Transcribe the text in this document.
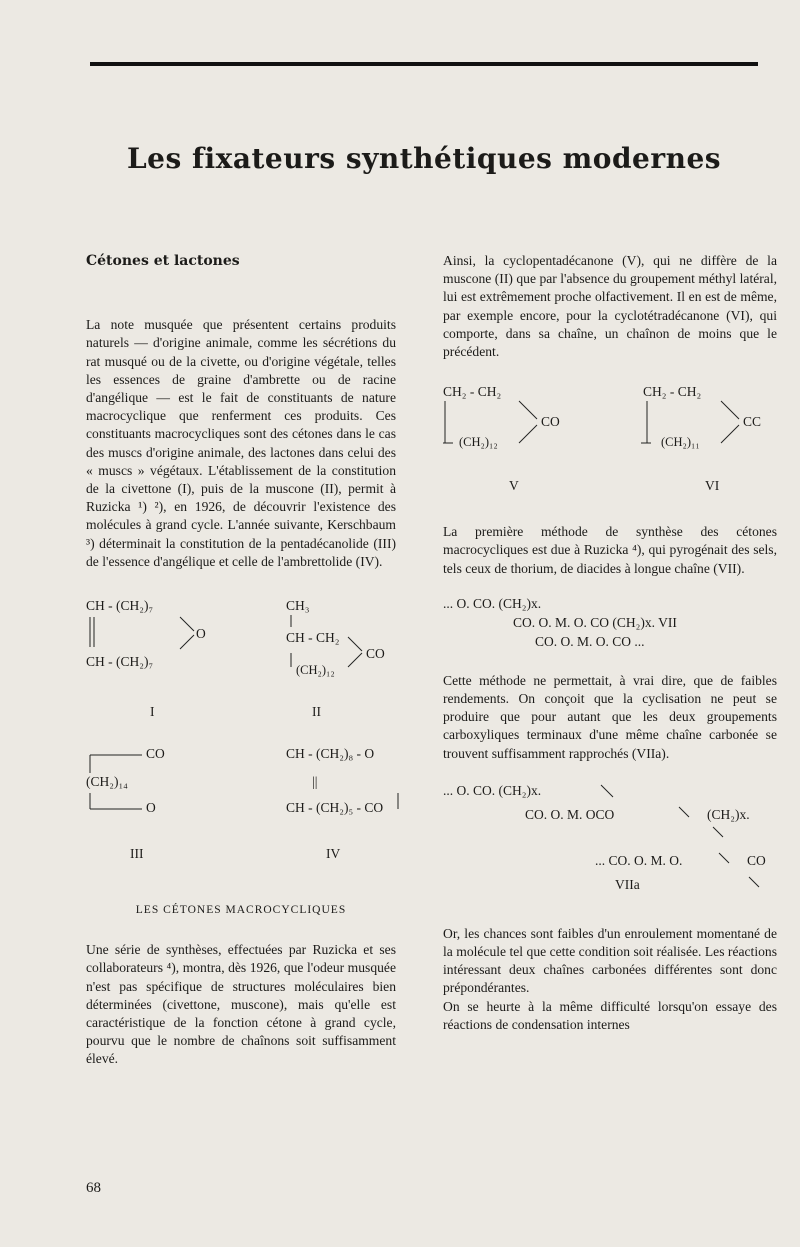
Les fixateurs synthétiques modernes

Cétones et lactones

La note musquée que présentent certains produits naturels — d'origine animale, comme les sécrétions du rat musqué ou de la civette, ou d'origine végétale, telles les essences de graine d'ambrette ou de racine d'angélique — est le fait de constituants de nature macrocyclique que renferment ces produits. Ces constituants macrocycliques sont des cétones dans le cas des muscs d'origine animale, des lactones dans celui des « muscs » végétaux. L'établissement de la constitution de la civettone (I), puis de la muscone (II), permit à Ruzicka ¹) ²), en 1926, de découvrir l'existence des molécules à grand cycle. L'année suivante, Kerschbaum ³) déterminait la constitution de la pentadécanolide (III) de l'essence d'angélique et celle de l'ambrettolide (IV).

CH - (CH₂)₇
O
CH - (CH₂)₇
I
CH₃
CH - CH₂
(CH₂)₁₂
CO
II
CO
(CH₂)₁₄
O
III
CH - (CH₂)₈ - O
||
CH - (CH₂)₅ - CO
IV

LES CÉTONES MACROCYCLIQUES

Une série de synthèses, effectuées par Ruzicka et ses collaborateurs ⁴), montra, dès 1926, que l'odeur musquée n'est pas spécifique de structures moléculaires bien déterminées (civettone, muscone), mais qu'elle est caractéristique de la fonction cétone à grand cycle, pourvu que le nombre de chaînons soit suffisamment élevé.

Ainsi, la cyclopentadécanone (V), qui ne diffère de la muscone (II) que par l'absence du groupement méthyl latéral, lui est extrêmement proche olfactivement. Il en est de même, par exemple encore, pour la cyclotétradécanone (VI), qui comporte, dans sa chaîne, un chaînon de moins que le précédent.

CH₂ - CH₂
CO
(CH₂)₁₂
V
CH₂ - CH₂
CC
(CH₂)₁₁
VI

La première méthode de synthèse des cétones macrocycliques est due à Ruzicka ⁴), qui pyrogénait des sels, tels ceux de thorium, de diacides à longue chaîne (VII).

... O. CO. (CH₂)x.
CO. O. M. O. CO (CH₂)x. VII
CO. O. M. O. CO ...

Cette méthode ne permettait, à vrai dire, que de faibles rendements. On conçoit que la cyclisation ne peut se produire que pour autant que les deux groupements carboxyliques terminaux d'une même chaîne carbonée se trouvent suffisamment rapprochés (VIIa).

... O. CO. (CH₂)x.
CO. O. M. OCO	(CH₂)x.
... CO. O. M. O.	CO
VIIa

Or, les chances sont faibles d'un enroulement momentané de la molécule tel que cette condition soit réalisée. Les réactions intéressant deux chaînes carbonées différentes sont donc prépondérantes.

On se heurte à la même difficulté lorsqu'on essaye des réactions de condensation internes

68
